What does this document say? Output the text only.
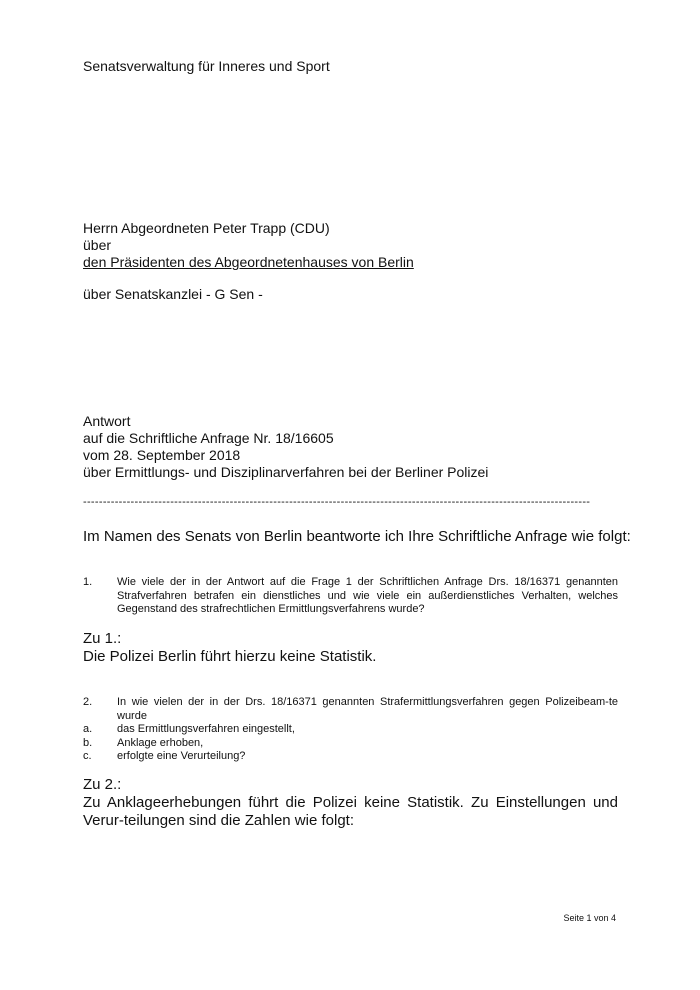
Senatsverwaltung für Inneres und Sport
Herrn Abgeordneten Peter Trapp (CDU)
über
den Präsidenten des Abgeordnetenhauses von Berlin
über Senatskanzlei - G Sen -
Antwort
auf die Schriftliche Anfrage Nr. 18/16605
vom 28. September 2018
über Ermittlungs- und Disziplinarverfahren bei der Berliner Polizei
--------------------------------------------------------------------------------------------------------------------------------
Im Namen des Senats von Berlin beantworte ich Ihre Schriftliche Anfrage wie folgt:
1.	Wie viele der in der Antwort auf die Frage 1 der Schriftlichen Anfrage Drs. 18/16371 genannten Strafverfahren betrafen ein dienstliches und wie viele ein außerdienstliches Verhalten, welches Gegenstand des strafrechtlichen Ermittlungsverfahrens wurde?
Zu 1.:
Die Polizei Berlin führt hierzu keine Statistik.
2.	In wie vielen der in der Drs. 18/16371 genannten Strafermittlungsverfahren gegen Polizeibeam-te wurde
a.	das Ermittlungsverfahren eingestellt,
b.	Anklage erhoben,
c.	erfolgte eine Verurteilung?
Zu 2.:
Zu Anklageerhebungen führt die Polizei keine Statistik. Zu Einstellungen und Verur-teilungen sind die Zahlen wie folgt:
Seite 1 von 4
